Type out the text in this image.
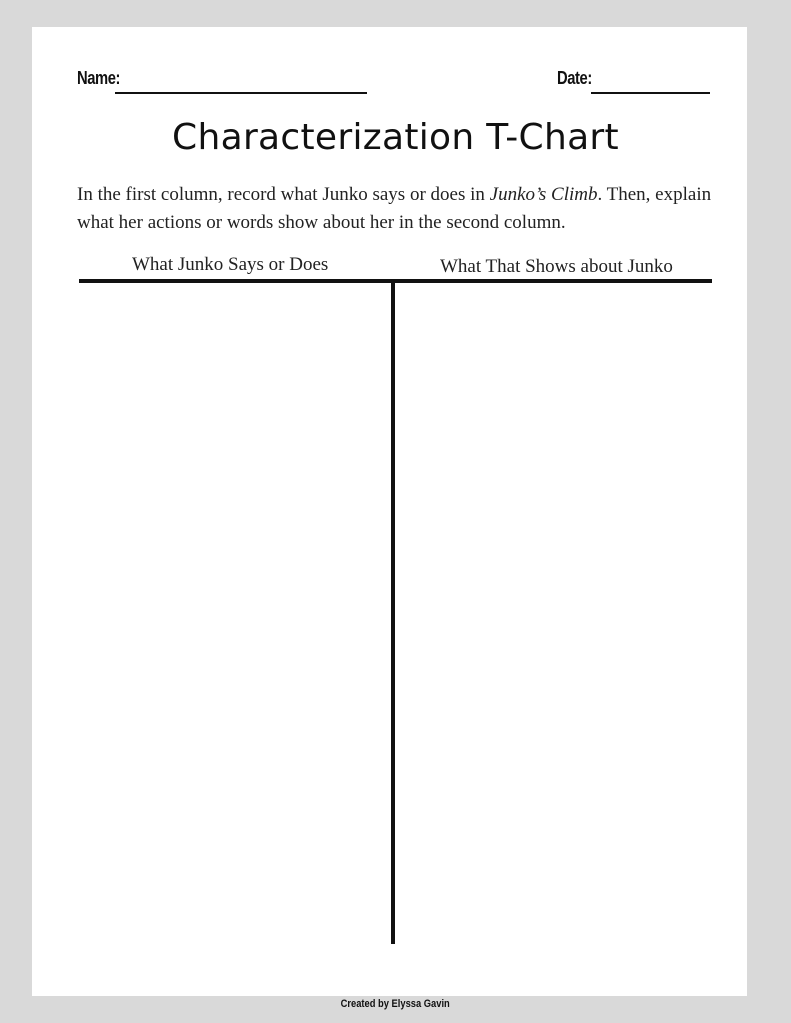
Name:	Date:
Characterization T-Chart
In the first column, record what Junko says or does in Junko’s Climb. Then, explain what her actions or words show about her in the second column.
What Junko Says or Does	What That Shows about Junko
Created by Elyssa Gavin
